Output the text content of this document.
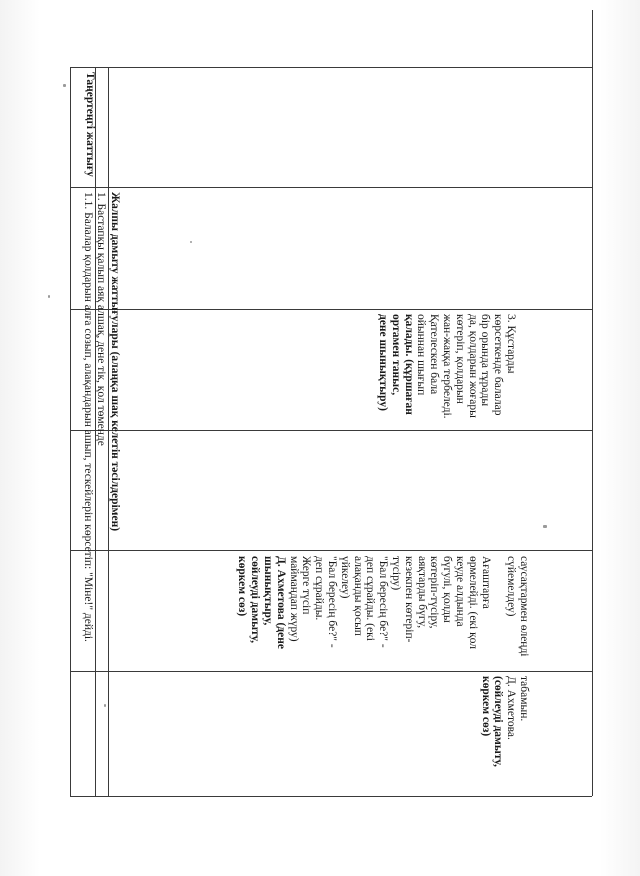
Таңертеңгі жаттығу
Жалпы дамыту жаттығулары (алаңқа шақ келетін тәсілдерімен)
1. Бастапқы қалып аяқ алшақ, дене тік, қол төменде
1.1. Балалар қолдарын алға созып, алақандарын ашып, тескейлерін көрсетіп: "Міне!" дейді.	3. Құстарды
көрсеткенде балалар
бір орында тұрады
да, қолдарын жоғары
көтеріп, қолдарын
жан-жаққа тербеледі.
Қателескен бала
ойыннан шығып
қалады. (құршаған
ортамен таныс,
дене шынықтыру)
саусақтармен өлеңді
сүйемелдеу)

Ағаштарға
өрмелейді. (екі қол
кеуде алдында
бүгулі, қолды
көтеріп-түсіру,
аяқтарды бүгу,
кезекпен көтеріп-
түсіру)
"Бал бересің бе?" -
деп сұрайды. (екі
алақанды қосып
үйкелеу)
"Бал бересің бе?" -
деп сұрайды.
Жерге түсіп
маймаңдап жүру)
Д. Ахметова (дене
шынықтыру,
сөйлеуді дамыту,
көркем сөз)
табамын.
Д. Ахметова.
(сөйлеуді дамыту,
көркем сөз)
